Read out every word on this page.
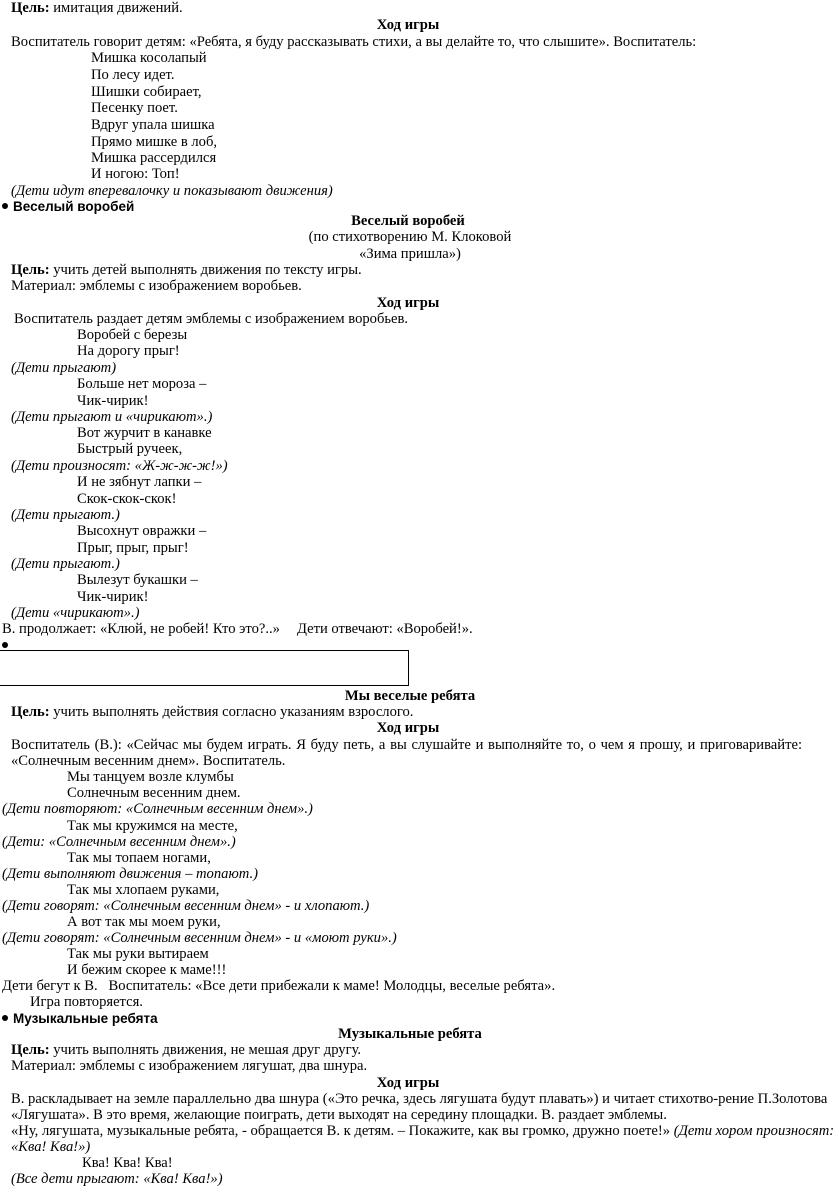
Цель: имитация движений.
Ход игры
Воспитатель говорит детям: «Ребята, я буду рассказывать стихи, а вы делайте то, что слышите». Воспитатель:
Мишка косолапый
По лесу идет.
Шишки собирает,
Песенку поет.
Вдруг упала шишка
Прямо мишке в лоб,
Мишка рассердился
И ногою: Топ!
(Дети идут вперевалочку и показывают движения)
Веселый воробей
Веселый воробей
(по стихотворению М. Клоковой
«Зима пришла»)
Цель: учить детей выполнять движения по тексту игры.
Материал: эмблемы с изображением воробьев.
Ход игры
Воспитатель раздает детям эмблемы с изображением воробьев.
Воробей с березы
На дорогу прыг!
(Дети прыгают)
Больше нет мороза –
Чик-чирик!
(Дети прыгают и «чирикают».)
Вот журчит в канавке
Быстрый ручеек,
(Дети произносят: «Ж-ж-ж-ж!»)
И не зябнут лапки –
Скок-скок-скок!
(Дети прыгают.)
Высохнут овражки –
Прыг, прыг, прыг!
(Дети прыгают.)
Вылезут букашки –
Чик-чирик!
(Дети «чирикают».)
В. продолжает: «Клюй, не робей! Кто это?..» Дети отвечают: «Воробей!».
Мы веселые ребята
Цель: учить выполнять действия согласно указаниям взрослого.
Ход игры
Воспитатель (В.): «Сейчас мы будем играть. Я буду петь, а вы слушайте и выполняйте то, о чем я прошу, и приговаривайте:
«Солнечным весенним днем». Воспитатель.
Мы танцуем возле клумбы
Солнечным весенним днем.
(Дети повторяют: «Солнечным весенним днем».)
Так мы кружимся на месте,
(Дети: «Солнечным весенним днем».)
Так мы топаем ногами,
(Дети выполняют движения – топают.)
Так мы хлопаем руками,
(Дети говорят: «Солнечным весенним днем» - и хлопают.)
А вот так мы моем руки,
(Дети говорят: «Солнечным весенним днем» - и «моют руки».)
Так мы руки вытираем
И бежим скорее к маме!!!
Дети бегут к В.   Воспитатель: «Все дети прибежали к маме! Молодцы, веселые ребята».
Игра повторяется.
Музыкальные ребята
Музыкальные ребята
Цель: учить выполнять движения, не мешая друг другу.
Материал: эмблемы с изображением лягушат, два шнура.
Ход игры
В. раскладывает на земле параллельно два шнура («Это речка, здесь лягушата будут плавать») и читает стихотво-рение П.Золотова
«Лягушата». В это время, желающие поиграть, дети выходят на середину площадки. В. раздает эмблемы.
«Ну, лягушата, музыкальные ребята, - обращается В. к детям. – Покажите, как вы громко, дружно поете!» (Дети хором произносят:
«Ква! Ква!»)
Ква! Ква! Ква!
(Все дети прыгают: «Ква! Ква!»)
